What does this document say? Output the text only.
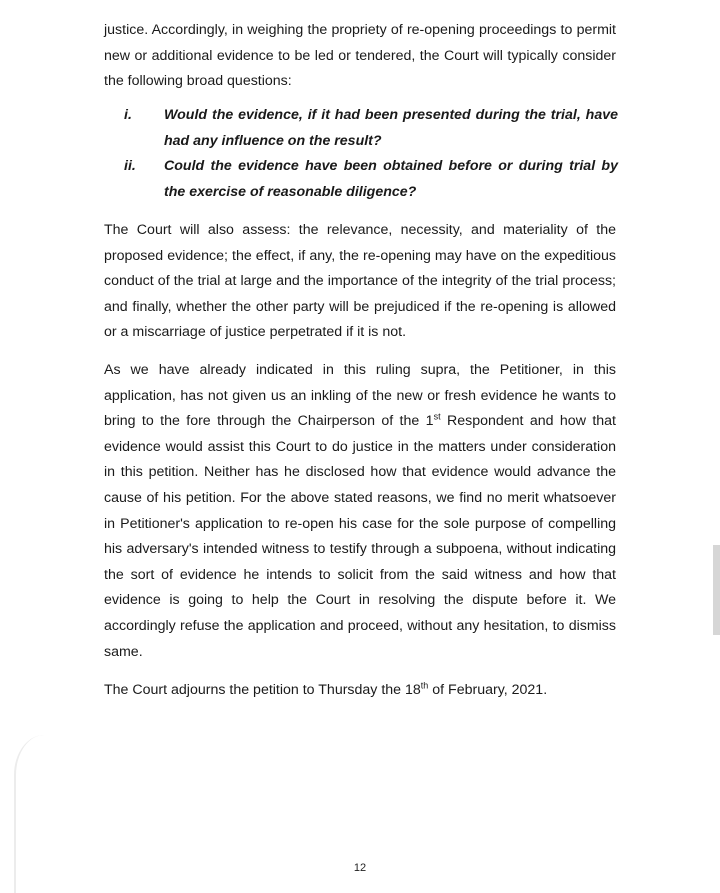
justice. Accordingly, in weighing the propriety of re-opening proceedings to permit new or additional evidence to be led or tendered, the Court will typically consider the following broad questions:

i.	Would the evidence, if it had been presented during the trial, have had any influence on the result?
ii.	Could the evidence have been obtained before or during trial by the exercise of reasonable diligence?

The Court will also assess: the relevance, necessity, and materiality of the proposed evidence; the effect, if any, the re-opening may have on the expeditious conduct of the trial at large and the importance of the integrity of the trial process; and finally, whether the other party will be prejudiced if the re-opening is allowed or a miscarriage of justice perpetrated if it is not.

As we have already indicated in this ruling supra, the Petitioner, in this application, has not given us an inkling of the new or fresh evidence he wants to bring to the fore through the Chairperson of the 1st Respondent and how that evidence would assist this Court to do justice in the matters under consideration in this petition. Neither has he disclosed how that evidence would advance the cause of his petition. For the above stated reasons, we find no merit whatsoever in Petitioner's application to re-open his case for the sole purpose of compelling his adversary's intended witness to testify through a subpoena, without indicating the sort of evidence he intends to solicit from the said witness and how that evidence is going to help the Court in resolving the dispute before it. We accordingly refuse the application and proceed, without any hesitation, to dismiss same.

The Court adjourns the petition to Thursday the 18th of February, 2021.

12
